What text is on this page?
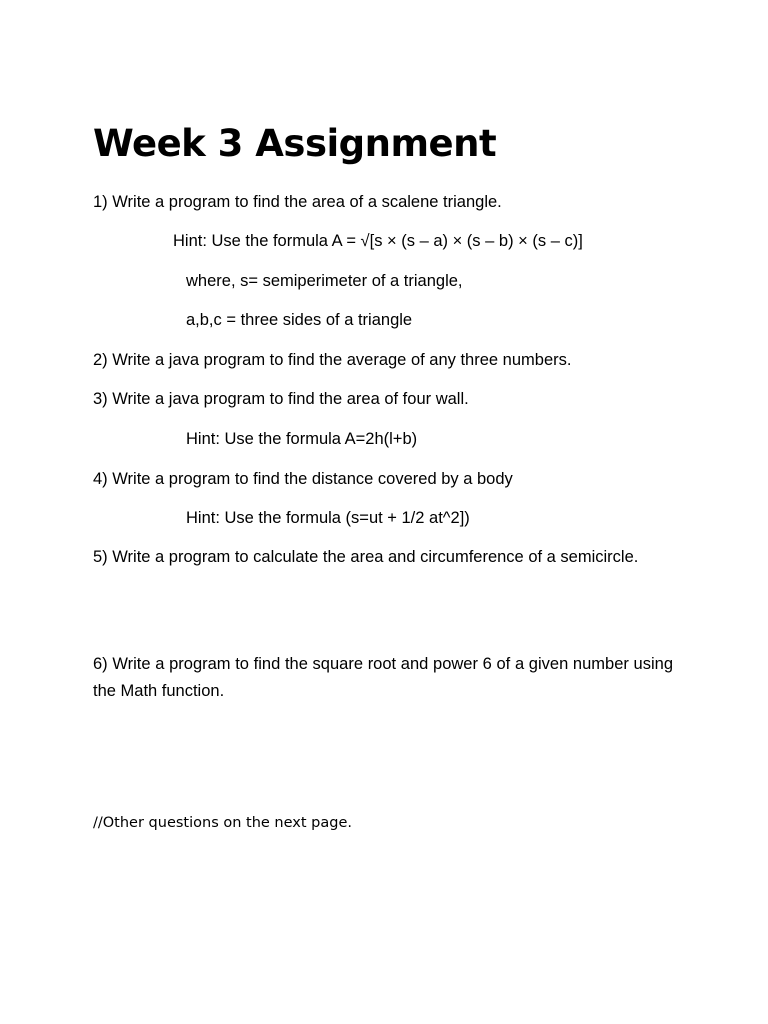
Week 3 Assignment
1) Write a program to find the area of a scalene triangle.
Hint: Use the formula A = √[s × (s – a) × (s – b) × (s – c)]
where, s= semiperimeter of a triangle,
a,b,c = three sides of a triangle
2) Write a java program to find the average of any three numbers.
3) Write a java program to find the area of four wall.
Hint: Use the formula A=2h(l+b)
4) Write a program to find the distance covered by a body
Hint: Use the formula (s=ut + 1/2 at^2])
5) Write a program to calculate the area and circumference of a semicircle.
6) Write a program to find the square root and power 6 of a given number using the Math function.
//Other questions on the next page.
